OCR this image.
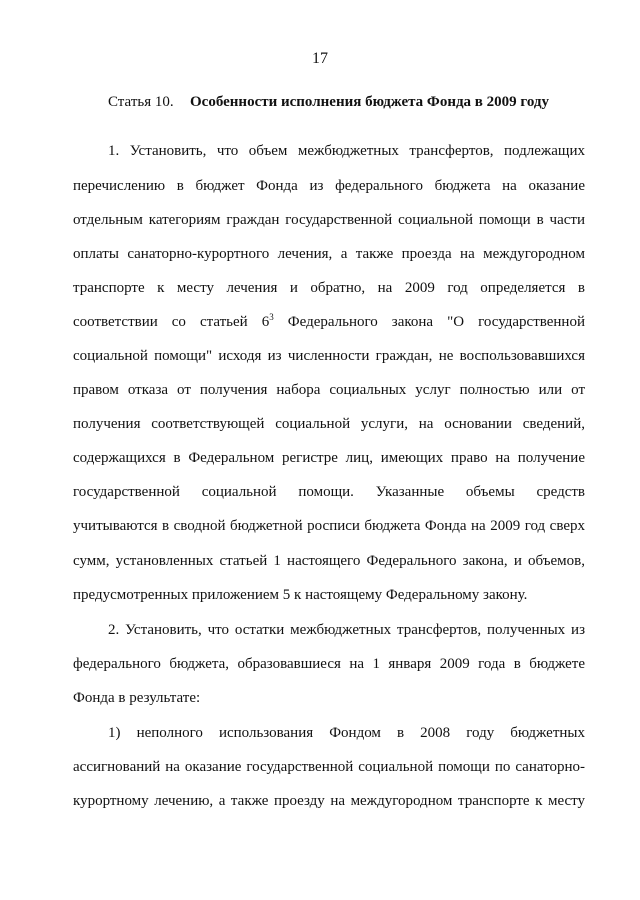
17
Статья 10. Особенности исполнения бюджета Фонда в 2009 году
1. Установить, что объем межбюджетных трансфертов, подлежащих
перечислению в бюджет Фонда из федерального бюджета на оказание
отдельным категориям граждан государственной социальной помощи в части
оплаты санаторно-курортного лечения, а также проезда на междугородном
транспорте к месту лечения и обратно, на 2009 год определяется в
соответствии со статьей $6^3$ Федерального закона "О государственной
социальной помощи" исходя из численности граждан, не воспользовавшихся
правом отказа от получения набора социальных услуг полностью или от
получения соответствующей социальной услуги, на основании сведений,
содержащихся в Федеральном регистре лиц, имеющих право на получение
государственной социальной помощи. Указанные объемы средств
учитываются в сводной бюджетной росписи бюджета Фонда на 2009 год сверх
сумм, установленных статьей 1 настоящего Федерального закона, и объемов,
предусмотренных приложением 5 к настоящему Федеральному закону.
2. Установить, что остатки межбюджетных трансфертов, полученных из
федерального бюджета, образовавшиеся на 1 января 2009 года в бюджете
Фонда в результате:
1) неполного использования Фондом в 2008 году бюджетных
ассигнований на оказание государственной социальной помощи по санаторно-
курортному лечению, а также проезду на междугородном транспорте к месту
